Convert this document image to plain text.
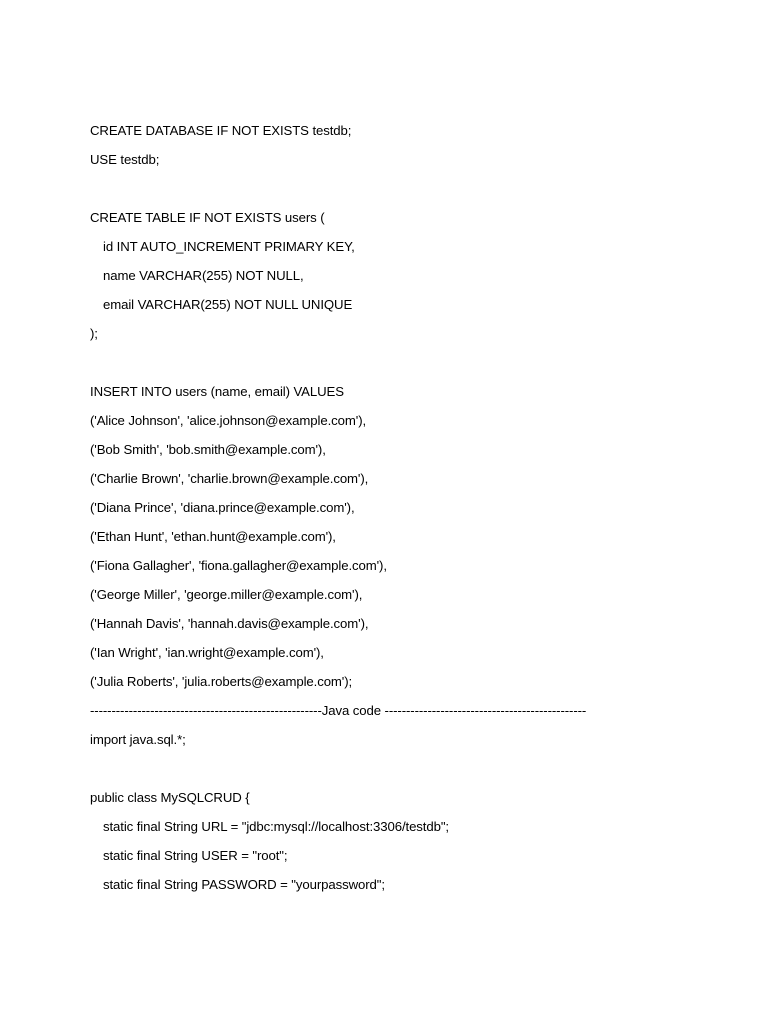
CREATE DATABASE IF NOT EXISTS testdb;
USE testdb;
CREATE TABLE IF NOT EXISTS users (
id INT AUTO_INCREMENT PRIMARY KEY,
name VARCHAR(255) NOT NULL,
email VARCHAR(255) NOT NULL UNIQUE
);
INSERT INTO users (name, email) VALUES
('Alice Johnson', 'alice.johnson@example.com'),
('Bob Smith', 'bob.smith@example.com'),
('Charlie Brown', 'charlie.brown@example.com'),
('Diana Prince', 'diana.prince@example.com'),
('Ethan Hunt', 'ethan.hunt@example.com'),
('Fiona Gallagher', 'fiona.gallagher@example.com'),
('George Miller', 'george.miller@example.com'),
('Hannah Davis', 'hannah.davis@example.com'),
('Ian Wright', 'ian.wright@example.com'),
('Julia Roberts', 'julia.roberts@example.com');
------------------------------------------------------Java code -----------------------------------------------
import java.sql.*;
public class MySQLCRUD {
static final String URL = "jdbc:mysql://localhost:3306/testdb";
static final String USER = "root";
static final String PASSWORD = "yourpassword";
